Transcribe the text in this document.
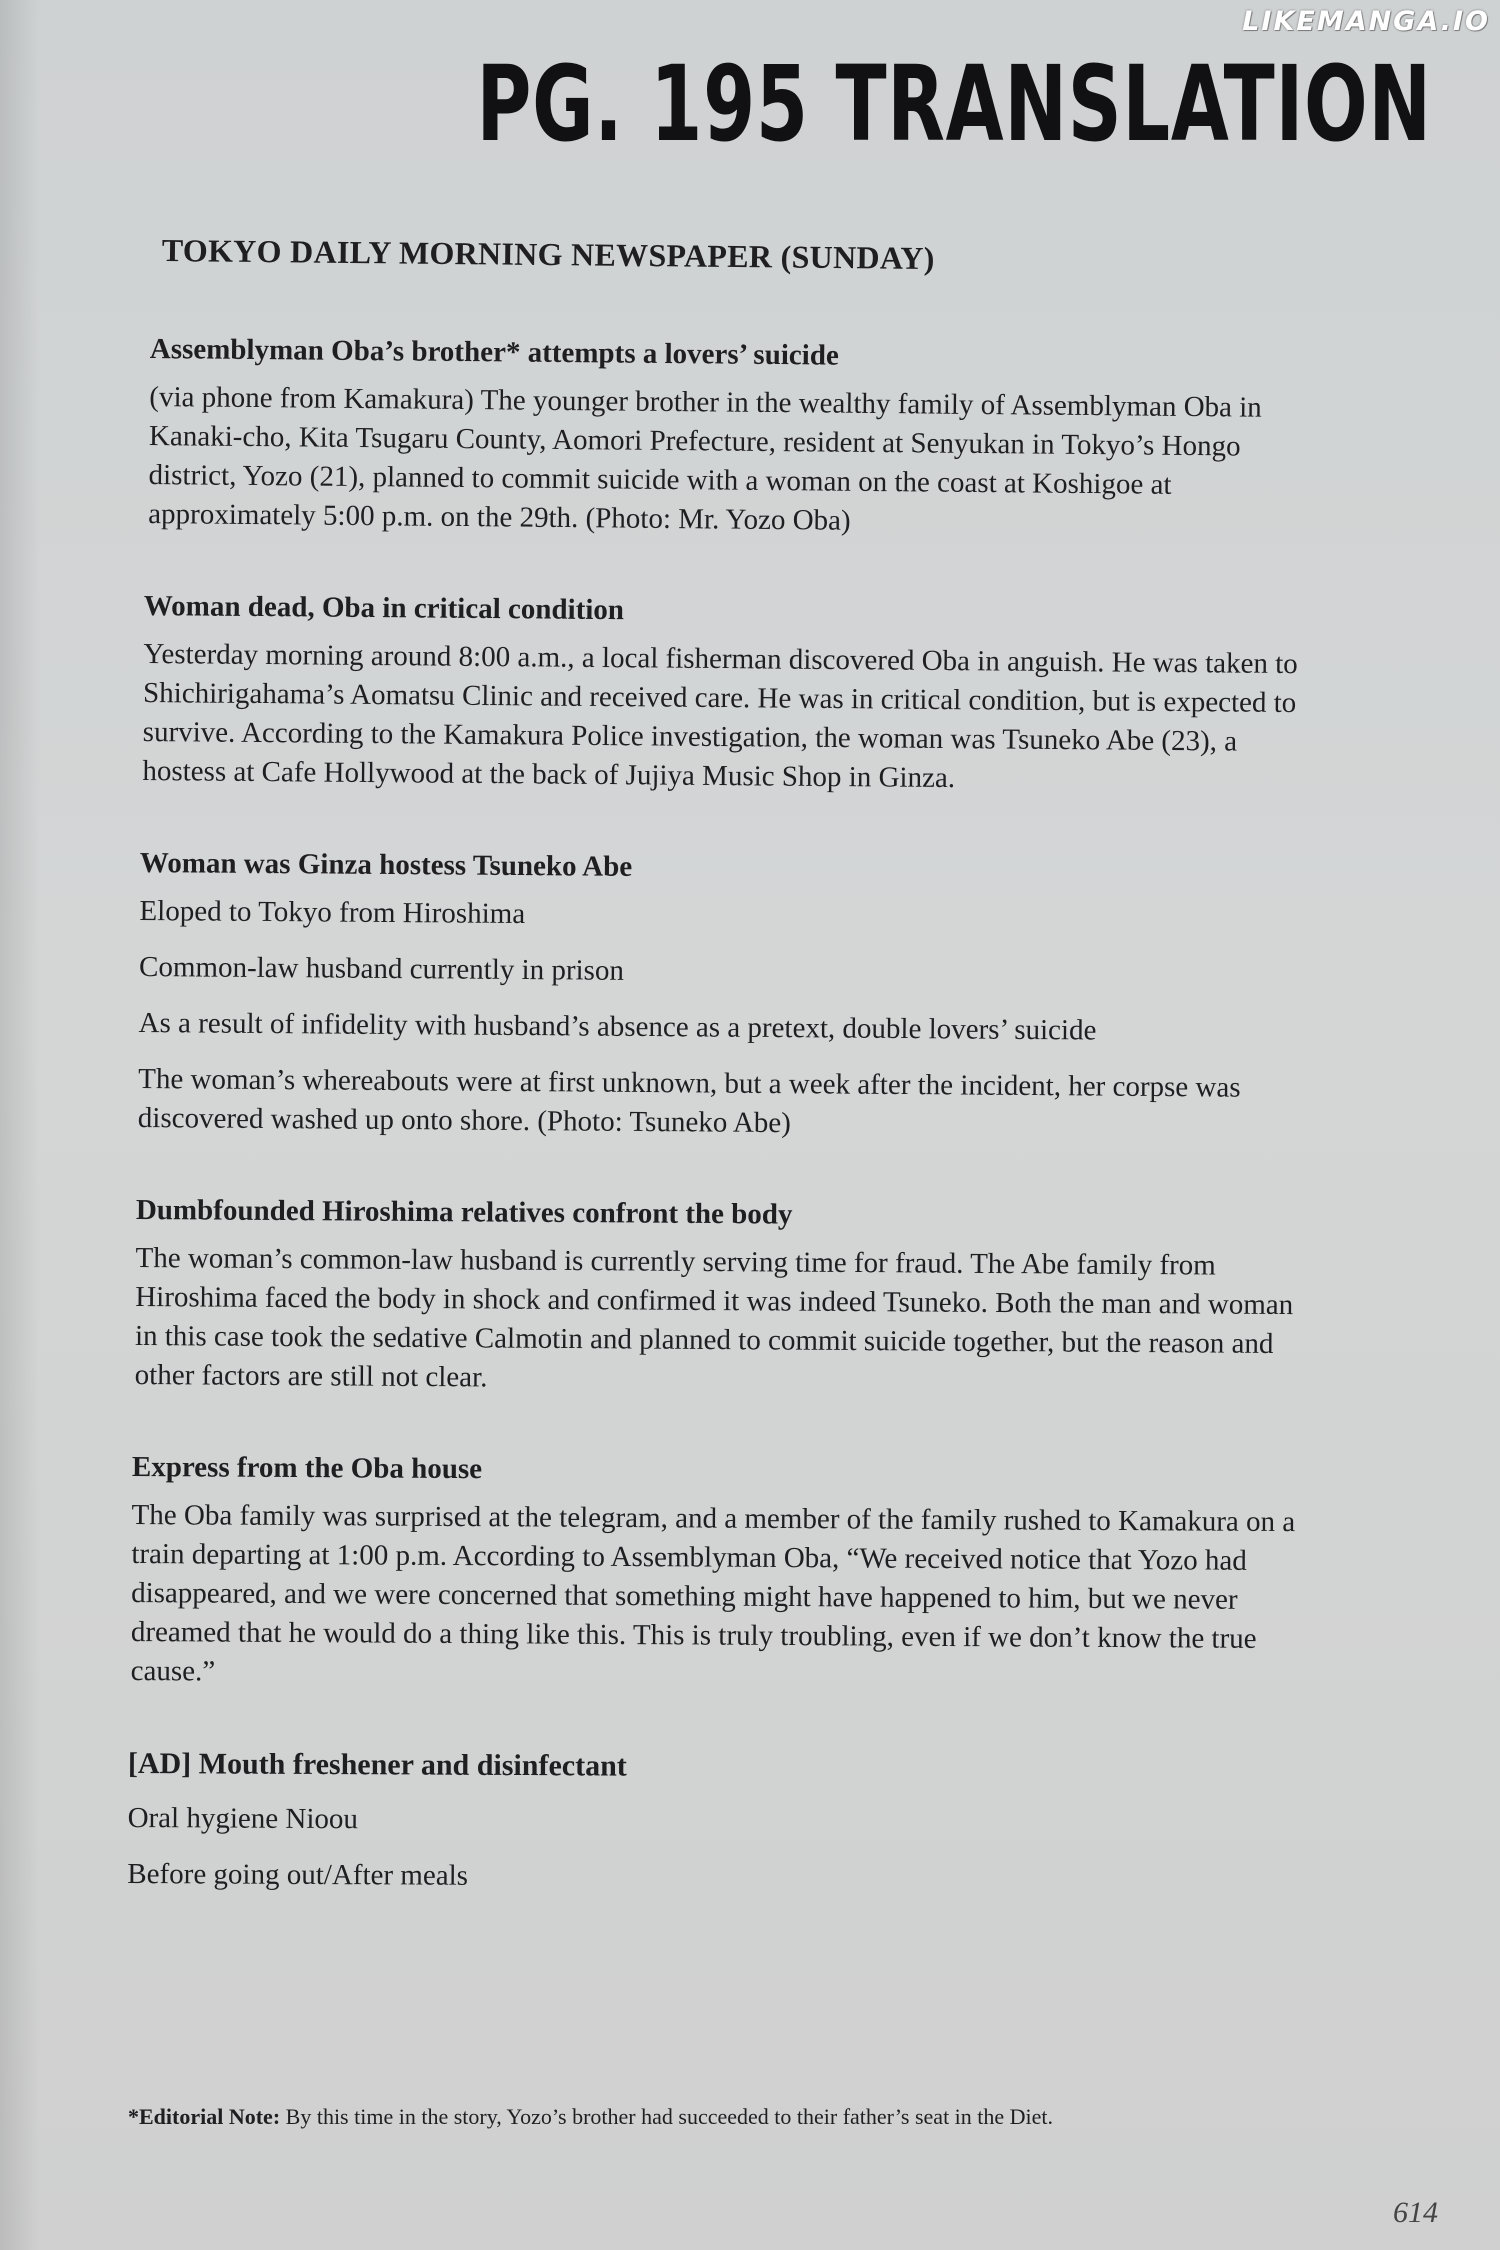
LIKEMANGA.IO
PG. 195 TRANSLATION
TOKYO DAILY MORNING NEWSPAPER (SUNDAY)
Assemblyman Oba’s brother* attempts a lovers’ suicide

(via phone from Kamakura) The younger brother in the wealthy family of Assemblyman Oba in Kanaki-cho, Kita Tsugaru County, Aomori Prefecture, resident at Senyukan in Tokyo’s Hongo district, Yozo (21), planned to commit suicide with a woman on the coast at Koshigoe at approximately 5:00 p.m. on the 29th. (Photo: Mr. Yozo Oba)

Woman dead, Oba in critical condition

Yesterday morning around 8:00 a.m., a local fisherman discovered Oba in anguish. He was taken to Shichirigahama’s Aomatsu Clinic and received care. He was in critical condition, but is expected to survive. According to the Kamakura Police investigation, the woman was Tsuneko Abe (23), a hostess at Cafe Hollywood at the back of Jujiya Music Shop in Ginza.

Woman was Ginza hostess Tsuneko Abe
Eloped to Tokyo from Hiroshima
Common-law husband currently in prison
As a result of infidelity with husband’s absence as a pretext, double lovers’ suicide

The woman’s whereabouts were at first unknown, but a week after the incident, her corpse was discovered washed up onto shore. (Photo: Tsuneko Abe)

Dumbfounded Hiroshima relatives confront the body

The woman’s common-law husband is currently serving time for fraud. The Abe family from Hiroshima faced the body in shock and confirmed it was indeed Tsuneko. Both the man and woman in this case took the sedative Calmotin and planned to commit suicide together, but the reason and other factors are still not clear.

Express from the Oba house

The Oba family was surprised at the telegram, and a member of the family rushed to Kamakura on a train departing at 1:00 p.m. According to Assemblyman Oba, “We received notice that Yozo had disappeared, and we were concerned that something might have happened to him, but we never dreamed that he would do a thing like this. This is truly troubling, even if we don’t know the true cause.”

[AD] Mouth freshener and disinfectant
Oral hygiene Nioou
Before going out/After meals
*Editorial Note: By this time in the story, Yozo’s brother had succeeded to their father’s seat in the Diet.
614
